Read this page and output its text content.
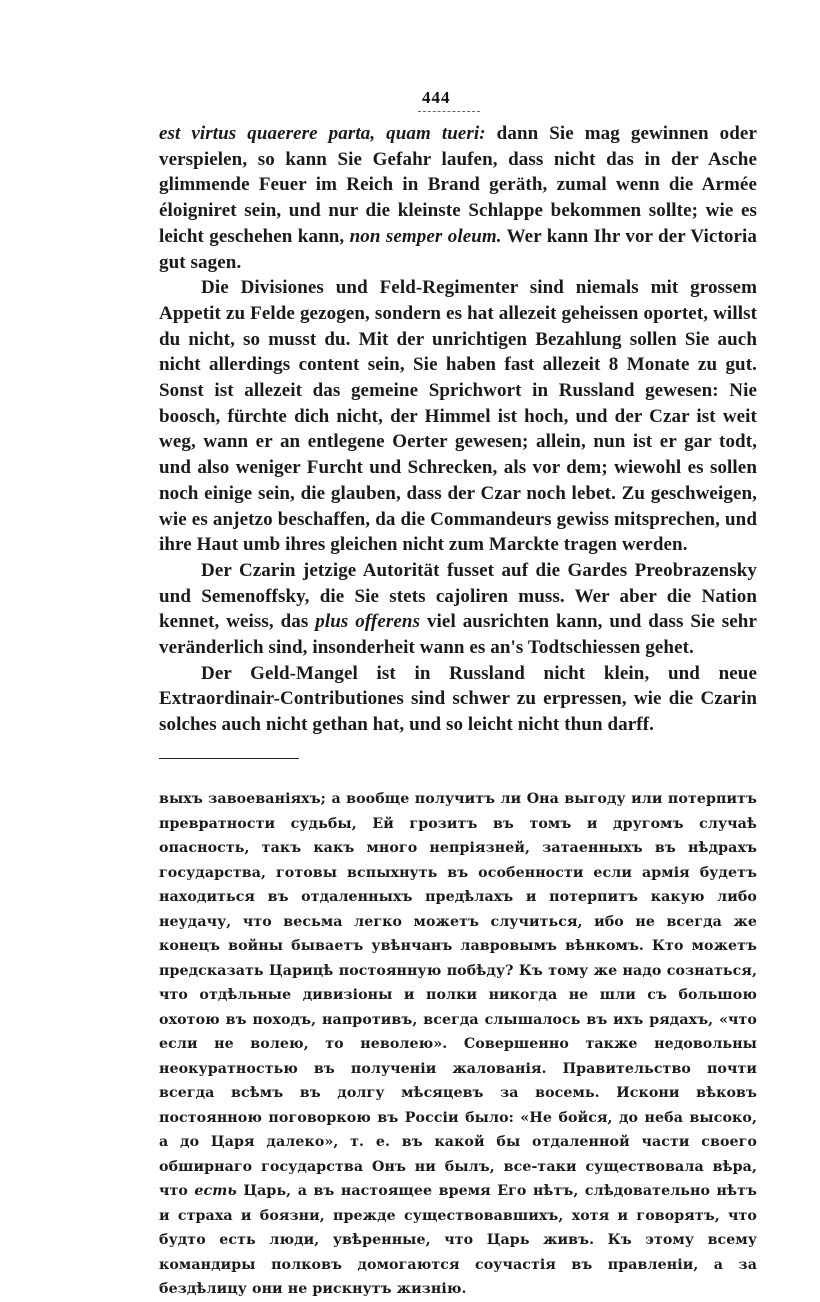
444

est virtus quaerere parta, quam tueri: dann Sie mag gewinnen oder verspielen, so kann Sie Gefahr laufen, dass nicht das in der Asche glimmende Feuer im Reich in Brand geräth, zumal wenn die Armée éloigniret sein, und nur die kleinste Schlappe bekommen sollte; wie es leicht geschehen kann, non semper oleum. Wer kann Ihr vor der Victoria gut sagen.

Die Divisiones und Feld-Regimenter sind niemals mit grossem Appetit zu Felde gezogen, sondern es hat allezeit geheissen oportet, willst du nicht, so musst du. Mit der unrichtigen Bezahlung sollen Sie auch nicht allerdings content sein, Sie haben fast allezeit 8 Monate zu gut. Sonst ist allezeit das gemeine Sprichwort in Russland gewesen: Nie boosch, fürchte dich nicht, der Himmel ist hoch, und der Czar ist weit weg, wann er an entlegene Oerter gewesen; allein, nun ist er gar todt, und also weniger Furcht und Schrecken, als vor dem; wiewohl es sollen noch einige sein, die glauben, dass der Czar noch lebet. Zu geschweigen, wie es anjetzo beschaffen, da die Commandeurs gewiss mitsprechen, und ihre Haut umb ihres gleichen nicht zum Marckte tragen werden.

Der Czarin jetzige Autorität fusset auf die Gardes Preobrazensky und Semenoffsky, die Sie stets cajoliren muss. Wer aber die Nation kennet, weiss, das plus offerens viel ausrichten kann, und dass Sie sehr veränderlich sind, insonderheit wann es an's Todtschiessen gehet.

Der Geld-Mangel ist in Russland nicht klein, und neue Extraordinair-Contributiones sind schwer zu erpressen, wie die Czarin solches auch nicht gethan hat, und so leicht nicht thun darff.

выхъ завоеваніяхъ; а вообще получитъ ли Она выгоду или потерпитъ превратности судьбы, Ей грозитъ въ томъ и другомъ случаѣ опасность, такъ какъ много непріязней, затаенныхъ въ нѣдрахъ государства, готовы вспыхнуть въ особенности если армія будетъ находиться въ отдаленныхъ предѣлахъ и потерпитъ какую либо неудачу, что весьма легко можетъ случиться, ибо не всегда же конецъ войны бываетъ увѣнчанъ лавровымъ вѣнкомъ. Кто можетъ предсказать Царицѣ постоянную побѣду? Къ тому же надо сознаться, что отдѣльные дивизіоны и полки никогда не шли съ большою охотою въ походъ, напротивъ, всегда слышалось въ ихъ рядахъ, «что если не волею, то неволею». Совершенно также недовольны неокуратностью въ полученіи жалованія. Правительство почти всегда всѣмъ въ долгу мѣсяцевъ за восемь. Искони вѣковъ постоянною поговоркою въ Россіи было: «Не бойся, до неба высоко, а до Царя далеко», т. е. въ какой бы отдаленной части своего обширнаго государства Онъ ни былъ, все-таки существовала вѣра, что есть Царь, а въ настоящее время Его нѣтъ, слѣдовательно нѣтъ и страха и боязни, прежде существовавшихъ, хотя и говорятъ, что будто есть люди, увѣренные, что Царь живъ. Къ этому всему командиры полковъ домогаются соучастія въ правленіи, а за бездѣлицу они не рискнутъ жизнію.
